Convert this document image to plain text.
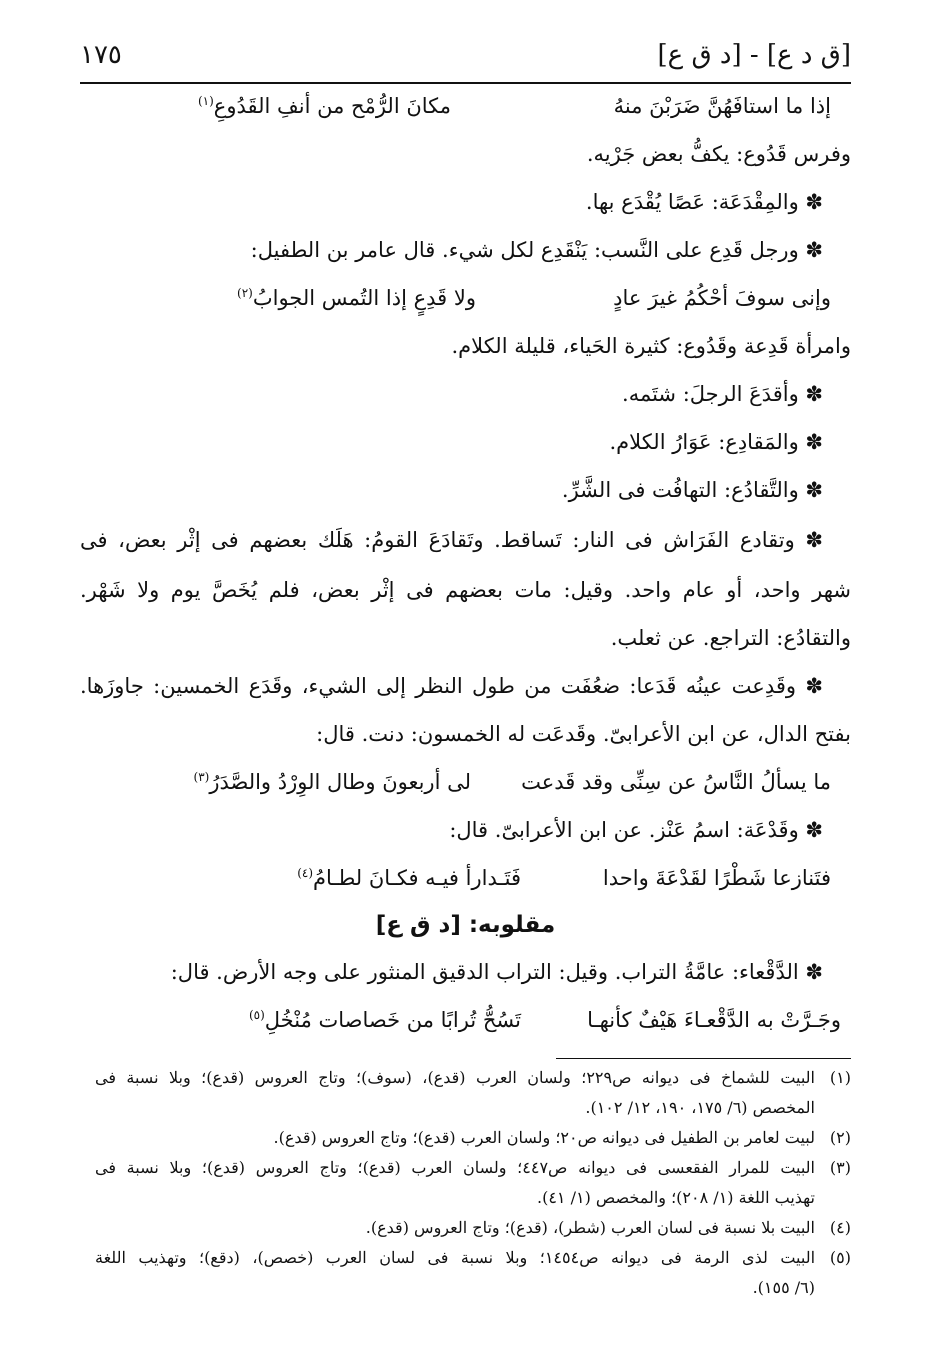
[ق د ع] - [د ق ع]
١٧٥
إذا ما استافَهُنَّ ضَرَبْنَ منهُ
مكانَ الرُّمْح من أنفِ القَدُوعِ$^{(١)}$
وفرس قَدُوع: يكفُّ بعض جَرْيه.
✽ والمِقْدَعَة: عَصًا يُقْدَع بها.
✽ ورجل قَدِع على النَّسب: يَنْقَدِع لكل شيء. قال عامر بن الطفيل:
وإنى سوفَ أحْكُمُ غيرَ عادٍ
ولا قَدِعٍ إذا التُمس الجوابُ$^{(٢)}$
وامرأة قَدِعة وقَدُوع: كثيرة الحَياء، قليلة الكلام.
✽ وأقدَعَ الرجلَ: شتَمه.
✽ والمَقادِع: عَوَارُ الكلام.
✽ والتَّقادُع: التهافُت فى الشَّرِّ.
✽ وتقادع الفَرَاش فى النار: تَساقط. وتَقادَعَ القومُ: هَلَك بعضهم فى إثْر بعض، فى
شهر واحد، أو عام واحد. وقيل: مات بعضهم فى إثْر بعض، فلم يُخَصَّ يوم ولا شَهْر.
والتقادُع: التراجع. عن ثعلب.
✽ وقَدِعت عينُه قَدَعا: ضعُفَت من طول النظر إلى الشيء، وقَدَع الخمسين: جاوزَها.
بفتح الدال، عن ابن الأعرابىّ. وقَدعَت له الخمسون: دنت. قال:
ما يسألُ النَّاسُ عن سِنِّى وقد قَدعت
لى أربعونَ وطال الوِرْدُ والصَّدَرُ$^{(٣)}$
✽ وقَدْعَة: اسمُ عَنْز. عن ابن الأعرابىّ. قال:
فتَنازعا شَطْرًا لقَدْعَةَ واحدا
فَتَـدارأ فيـه فكـانَ لطـامُ$^{(٤)}$
مقلوبه: [د ق ع]
✽ الدَّقْعاء: عامَّةُ التراب. وقيل: التراب الدقيق المنثور على وجه الأرض. قال:
وجَـرَّتْ به الدَّقْعـاءَ هَيْفٌ كأنهـا
تَسُحُّ تُرابًا من خَصاصات مُنْخُلِ$^{(٥)}$
(١)البيت للشماخ فى ديوانه ص٢٢٩؛ ولسان العرب (قدع)، (سوف)؛ وتاج العروس (قدع)؛ وبلا نسبة فى
المخصص (٦/ ١٧٥، ١٩٠، ١٢/ ١٠٢).
(٢)لبيت لعامر بن الطفيل فى ديوانه ص٢٠؛ ولسان العرب (قدع)؛ وتاج العروس (قدع).
(٣)البيت للمرار الفقعسى فى ديوانه ص٤٤٧؛ ولسان العرب (قدع)؛ وتاج العروس (قدع)؛ وبلا نسبة فى
تهذيب اللغة (١/ ٢٠٨)؛ والمخصص (١/ ٤١).
(٤)البيت بلا نسبة فى لسان العرب (شطر)، (قدع)؛ وتاج العروس (قدع).
(٥)البيت لذى الرمة فى ديوانه ص١٤٥٤؛ وبلا نسبة فى لسان العرب (خصص)، (دقع)؛ وتهذيب اللغة
(٦/ ١٥٥).
